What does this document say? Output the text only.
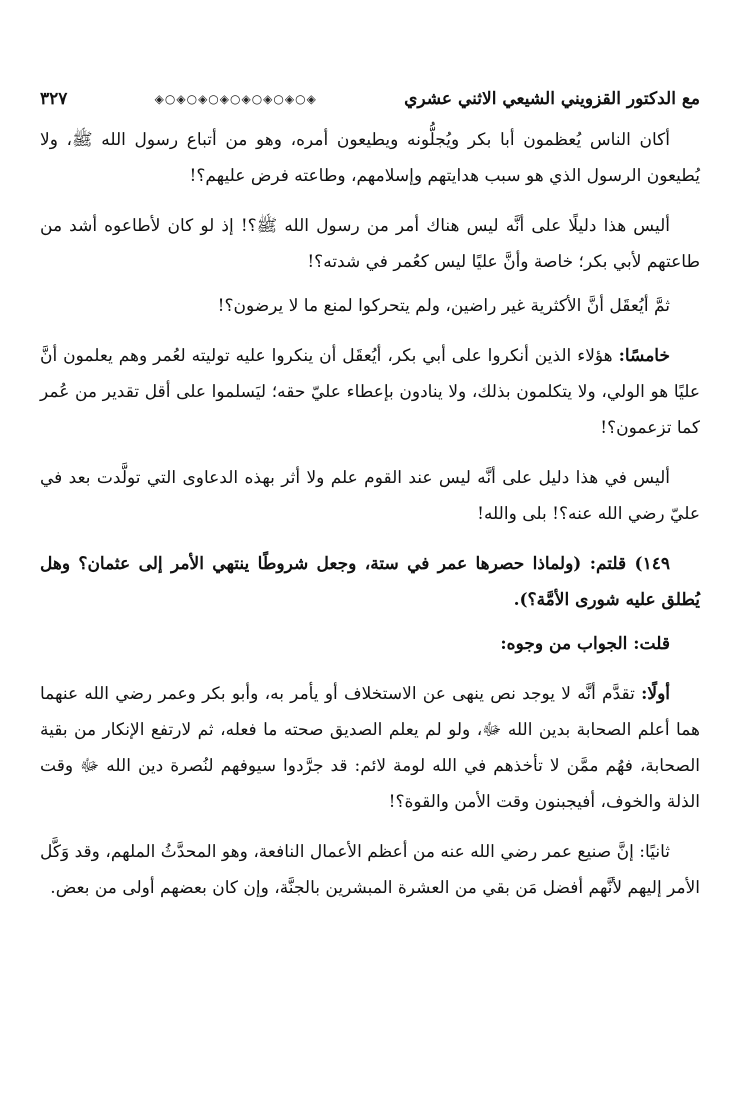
مع الدكتور القزويني الشيعي الاثني عشري
◈○◈○◈○◈○◈○◈○◈○◈
٣٢٧

أكان الناس يُعظمون أبا بكر ويُجلُّونه ويطيعون أمره، وهو من أتباع رسول الله ﷺ، ولا يُطيعون الرسول الذي هو سبب هدايتهم وإسلامهم، وطاعته فرض عليهم؟!

أليس هذا دليلًا على أنَّه ليس هناك أمر من رسول الله ﷺ؟! إذ لو كان لأطاعوه أشد من طاعتهم لأبي بكر؛ خاصة وأنَّ عليًا ليس كعُمر في شدته؟!

ثمَّ أيُعقَل أنَّ الأكثرية غير راضين، ولم يتحركوا لمنع ما لا يرضون؟!

خامسًا: هؤلاء الذين أنكروا على أبي بكر، أيُعقَل أن ينكروا عليه توليته لعُمر وهم يعلمون أنَّ عليًا هو الولي، ولا يتكلمون بذلك، ولا ينادون بإعطاء عليّ حقه؛ ليَسلموا على أقل تقدير من عُمر كما تزعمون؟!

أليس في هذا دليل على أنَّه ليس عند القوم علم ولا أثر بهذه الدعاوى التي تولَّدت بعد في عليّ رضي الله عنه؟! بلى والله!

١٤٩) قلتم: (ولماذا حصرها عمر في ستة، وجعل شروطًا ينتهي الأمر إلى عثمان؟ وهل يُطلق عليه شورى الأمَّة؟).

قلت: الجواب من وجوه:

أولًا: تقدَّم أنَّه لا يوجد نص ينهى عن الاستخلاف أو يأمر به، وأبو بكر وعمر رضي الله عنهما هما أعلم الصحابة بدين الله ﷻ، ولو لم يعلم الصديق صحته ما فعله، ثم لارتفع الإنكار من بقية الصحابة، فهُم ممَّن لا تأخذهم في الله لومة لائم: قد جرَّدوا سيوفهم لنُصرة دين الله ﷻ وقت الذلة والخوف، أفيجبنون وقت الأمن والقوة؟!

ثانيًا: إنَّ صنيع عمر رضي الله عنه من أعظم الأعمال النافعة، وهو المحدَّثُ الملهم، وقد وَكَّل الأمر إليهم لأنَّهم أفضل مَن بقي من العشرة المبشرين بالجنَّة، وإن كان بعضهم أولى من بعض.
